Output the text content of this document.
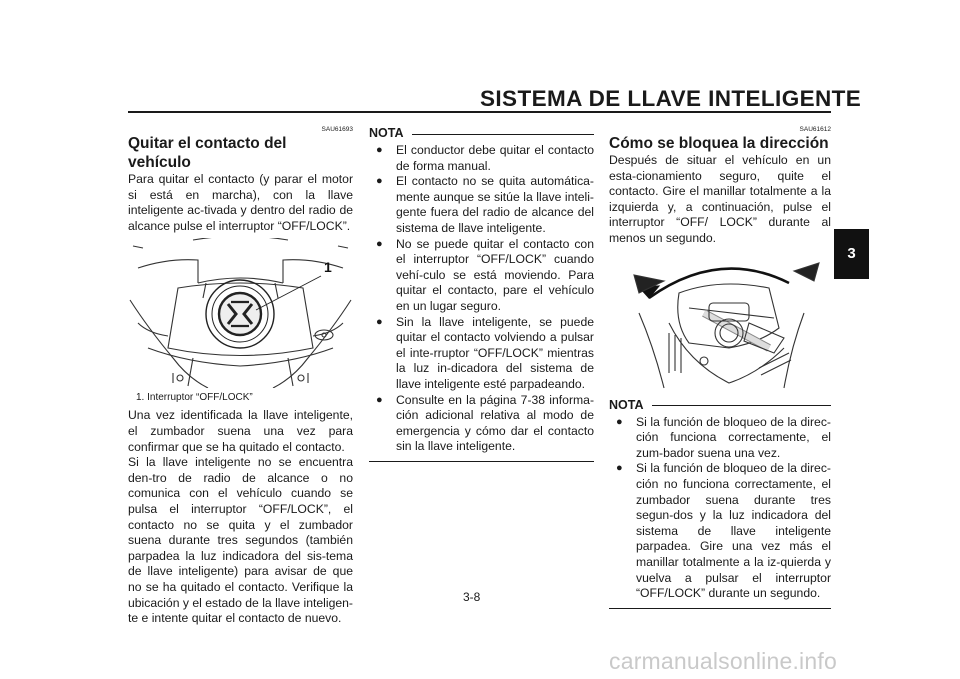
SISTEMA DE LLAVE INTELIGENTE
3
SAU61693
Quitar el contacto del vehículo

Para quitar el contacto (y parar el motor si está en marcha), con la llave inteligente ac-tivada y dentro del radio de alcance pulse el interruptor “OFF/LOCK”.

1
1. Interruptor “OFF/LOCK”

Una vez identificada la llave inteligente, el zumbador suena una vez para confirmar que se ha quitado el contacto.

Si la llave inteligente no se encuentra den-tro de radio de alcance o no comunica con el vehículo cuando se pulsa el interruptor “OFF/LOCK”, el contacto no se quita y el zumbador suena durante tres segundos (también parpadea la luz indicadora del sis-tema de llave inteligente) para avisar de que no se ha quitado el contacto. Verifique la ubicación y el estado de la llave inteligen-te e intente quitar el contacto de nuevo.

NOTA
● El conductor debe quitar el contacto de forma manual.
● El contacto no se quita automática-mente aunque se sitúe la llave inteli-gente fuera del radio de alcance del sistema de llave inteligente.
● No se puede quitar el contacto con el interruptor “OFF/LOCK” cuando vehí-culo se está moviendo. Para quitar el contacto, pare el vehículo en un lugar seguro.
● Sin la llave inteligente, se puede quitar el contacto volviendo a pulsar el inte-rruptor “OFF/LOCK” mientras la luz in-dicadora del sistema de llave inteligente esté parpadeando.
● Consulte en la página 7-38 informa-ción adicional relativa al modo de emergencia y cómo dar el contacto sin la llave inteligente.
SAU61612
Cómo se bloquea la dirección

Después de situar el vehículo en un esta-cionamiento seguro, quite el contacto. Gire el manillar totalmente a la izquierda y, a continuación, pulse el interruptor “OFF/ LOCK” durante al menos un segundo.

NOTA
● Si la función de bloqueo de la direc-ción funciona correctamente, el zum-bador suena una vez.
● Si la función de bloqueo de la direc-ción no funciona correctamente, el zumbador suena durante tres segun-dos y la luz indicadora del sistema de llave inteligente parpadea. Gire una vez más el manillar totalmente a la iz-quierda y vuelva a pulsar el interruptor “OFF/LOCK” durante un segundo.
3-8
carmanualsonline.info
